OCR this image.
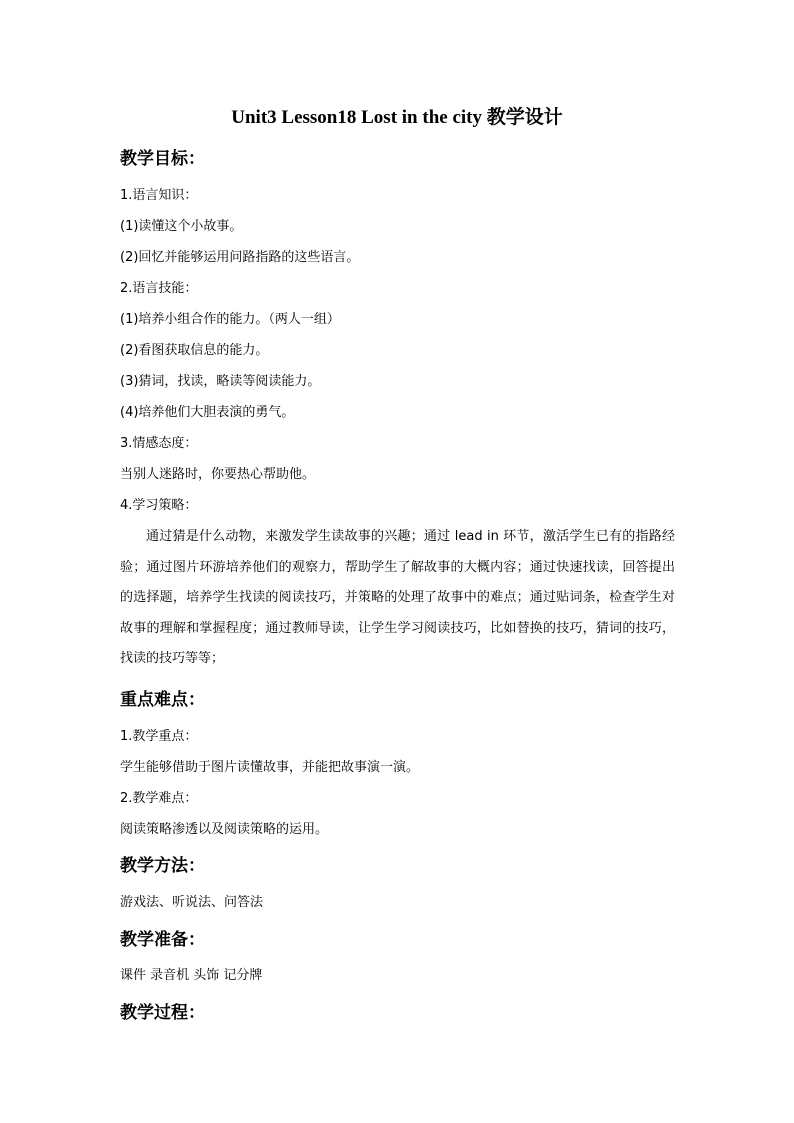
Unit3 Lesson18 Lost in the city 教学设计
教学目标：
1.语言知识：
(1)读懂这个小故事。
(2)回忆并能够运用问路指路的这些语言。
2.语言技能：
(1)培养小组合作的能力。（两人一组）
(2)看图获取信息的能力。
(3)猜词，找读，略读等阅读能力。
(4)培养他们大胆表演的勇气。
3.情感态度：
当别人迷路时，你要热心帮助他。
4.学习策略：
通过猜是什么动物，来激发学生读故事的兴趣；通过 lead in 环节，激活学生已有的指路经验；通过图片环游培养他们的观察力，帮助学生了解故事的大概内容；通过快速找读，回答提出的选择题，培养学生找读的阅读技巧，并策略的处理了故事中的难点；通过贴词条，检查学生对故事的理解和掌握程度；通过教师导读，让学生学习阅读技巧，比如替换的技巧，猜词的技巧，找读的技巧等等；
重点难点：
1.教学重点：
学生能够借助于图片读懂故事，并能把故事演一演。
2.教学难点：
阅读策略渗透以及阅读策略的运用。
教学方法：
游戏法、听说法、问答法
教学准备：
课件 录音机 头饰 记分牌
教学过程：
